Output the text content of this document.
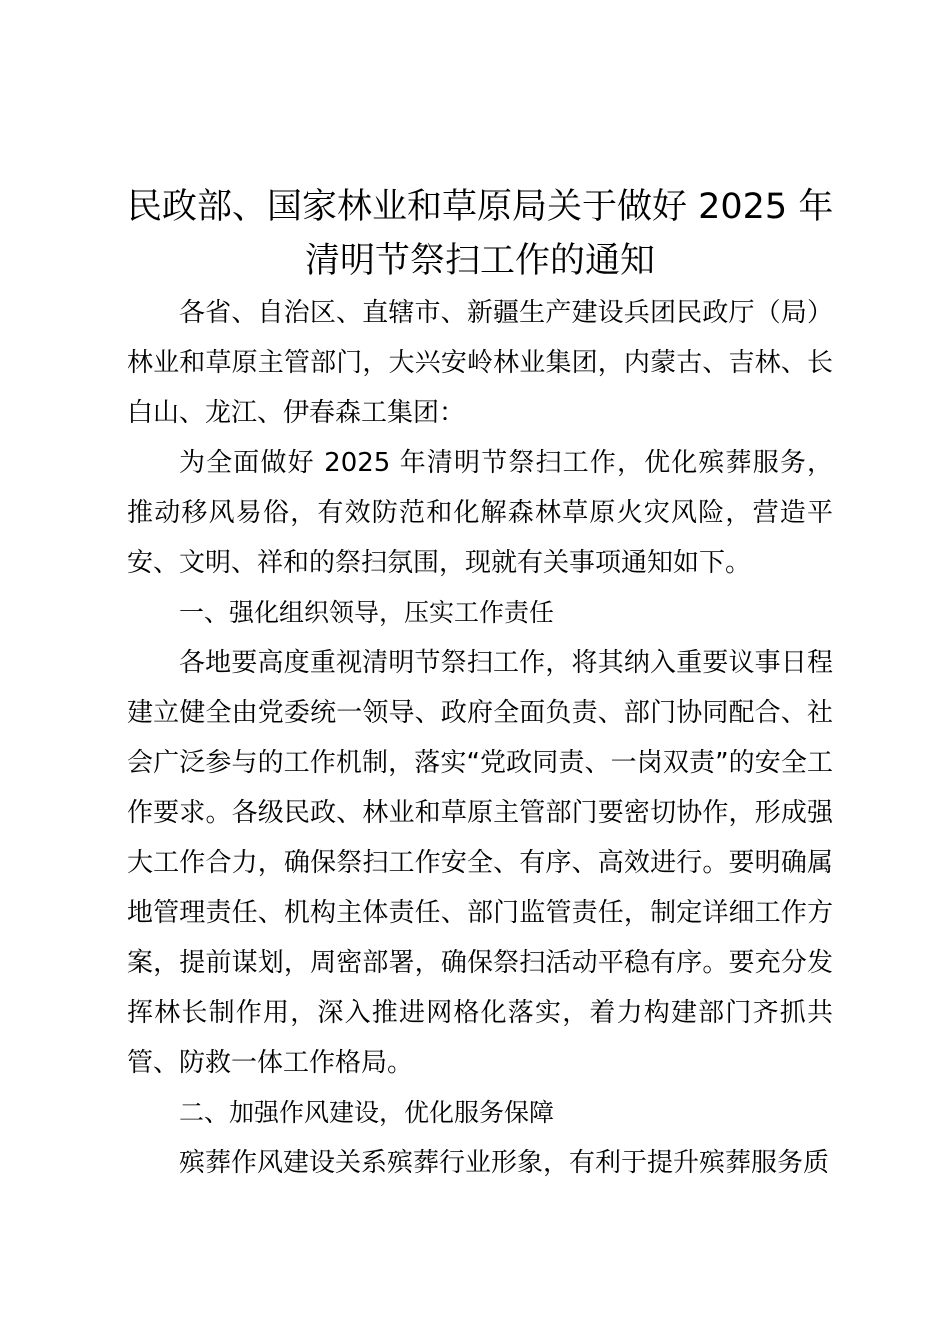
民政部、国家林业和草原局关于做好 2025 年
清明节祭扫工作的通知

各省、自治区、直辖市、新疆生产建设兵团民政厅（局）林业和草原主管部门，大兴安岭林业集团，内蒙古、吉林、长白山、龙江、伊春森工集团：

为全面做好 2025 年清明节祭扫工作，优化殡葬服务，推动移风易俗，有效防范和化解森林草原火灾风险，营造平安、文明、祥和的祭扫氛围，现就有关事项通知如下。

一、强化组织领导，压实工作责任

各地要高度重视清明节祭扫工作，将其纳入重要议事日程建立健全由党委统一领导、政府全面负责、部门协同配合、社会广泛参与的工作机制，落实“党政同责、一岗双责”的安全工作要求。各级民政、林业和草原主管部门要密切协作，形成强大工作合力，确保祭扫工作安全、有序、高效进行。要明确属地管理责任、机构主体责任、部门监管责任，制定详细工作方案，提前谋划，周密部署，确保祭扫活动平稳有序。要充分发挥林长制作用，深入推进网格化落实，着力构建部门齐抓共管、防救一体工作格局。

二、加强作风建设，优化服务保障

殡葬作风建设关系殡葬行业形象，有利于提升殡葬服务质
